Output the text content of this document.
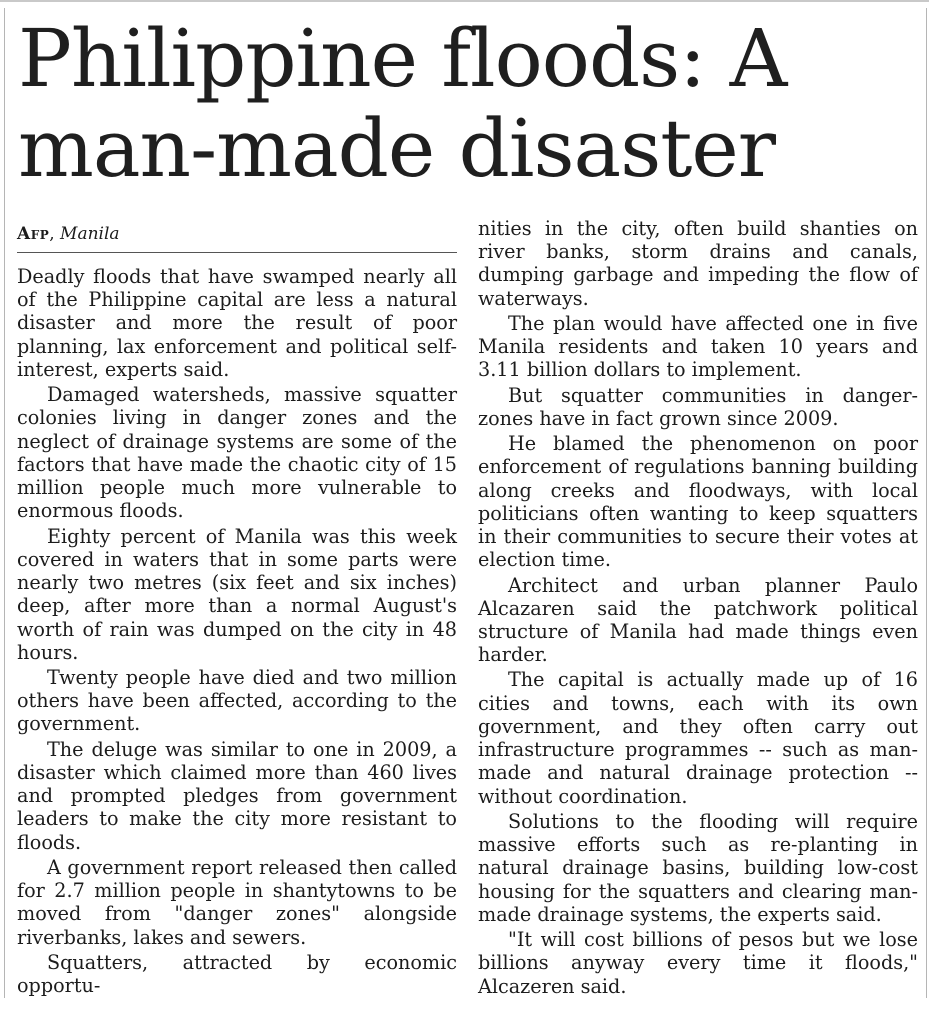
Philippine floods: A
man-made disaster
Afp, Manila

Deadly floods that have swamped nearly all of the Philippine capital are less a natural disaster and more the result of poor planning, lax enforcement and political self-interest, experts said.

Damaged watersheds, massive squatter colonies living in danger zones and the neglect of drainage systems are some of the factors that have made the chaotic city of 15 million people much more vulnerable to enormous floods.

Eighty percent of Manila was this week covered in waters that in some parts were nearly two metres (six feet and six inches) deep, after more than a normal August's worth of rain was dumped on the city in 48 hours.

Twenty people have died and two million others have been affected, according to the government.

The deluge was similar to one in 2009, a disaster which claimed more than 460 lives and prompted pledges from government leaders to make the city more resistant to floods.

A government report released then called for 2.7 million people in shantytowns to be moved from "danger zones" alongside riverbanks, lakes and sewers.

Squatters, attracted by economic opportu-

nities in the city, often build shanties on river banks, storm drains and canals, dumping garbage and impeding the flow of waterways.

The plan would have affected one in five Manila residents and taken 10 years and 3.11 billion dollars to implement.

But squatter communities in danger-zones have in fact grown since 2009.

He blamed the phenomenon on poor enforcement of regulations banning building along creeks and floodways, with local politicians often wanting to keep squatters in their communities to secure their votes at election time.

Architect and urban planner Paulo Alcazaren said the patchwork political structure of Manila had made things even harder.

The capital is actually made up of 16 cities and towns, each with its own government, and they often carry out infrastructure programmes -- such as man-made and natural drainage protection -- without coordination.

Solutions to the flooding will require massive efforts such as re-planting in natural drainage basins, building low-cost housing for the squatters and clearing man-made drainage systems, the experts said.

"It will cost billions of pesos but we lose billions anyway every time it floods," Alcazeren said.
